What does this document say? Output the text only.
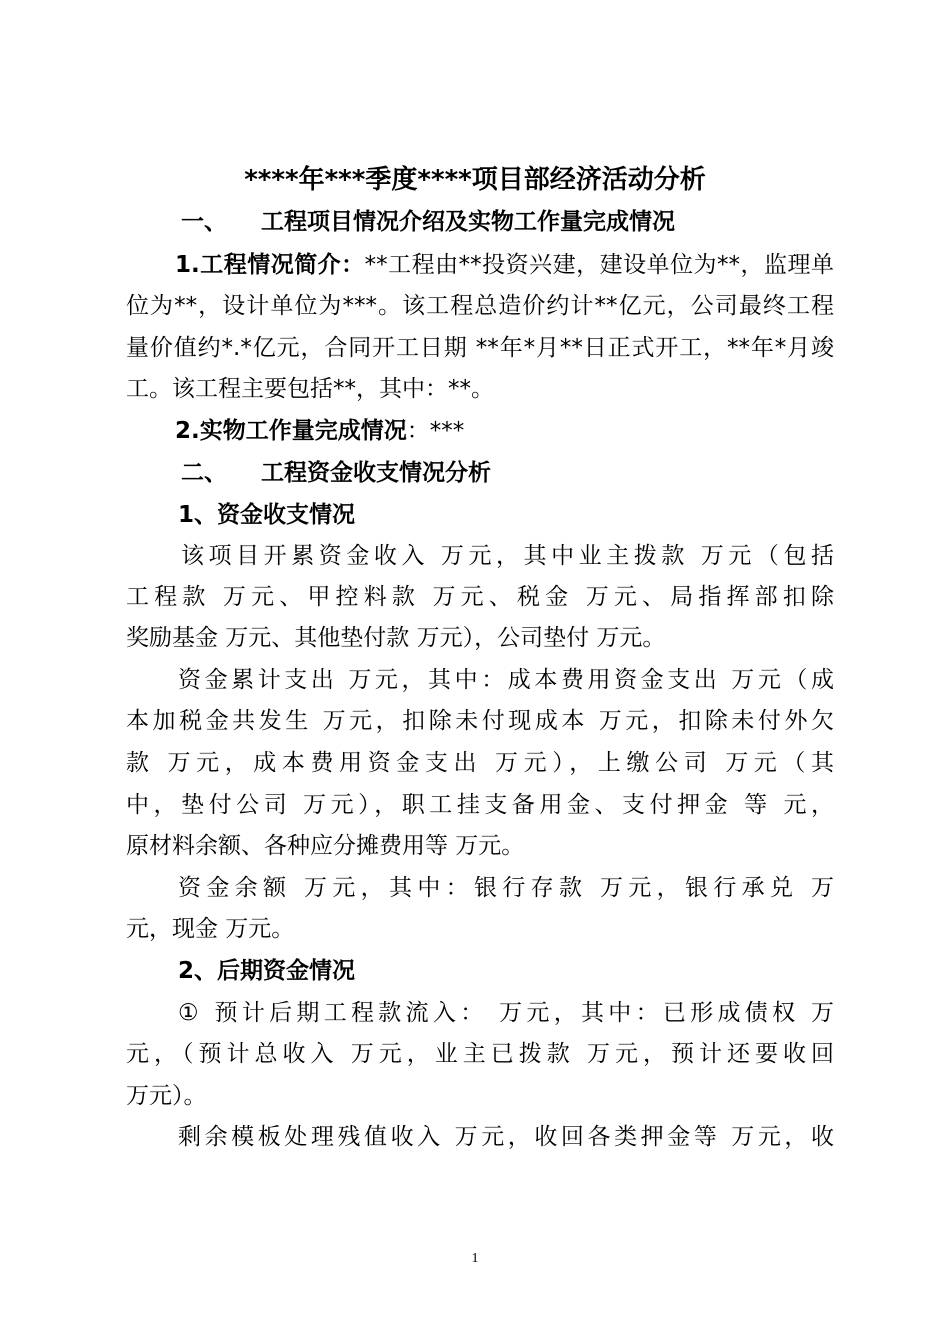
****年***季度****项目部经济活动分析
一、 工程项目情况介绍及实物工作量完成情况
1.工程情况简介：**工程由**投资兴建，建设单位为**，监理单
位为**，设计单位为***。该工程总造价约计**亿元，公司最终工程
量价值约*.*亿元，合同开工日期 **年*月**日正式开工，**年*月竣
工。该工程主要包括**，其中：**。
2.实物工作量完成情况：***
二、 工程资金收支情况分析
1、资金收支情况
该项目开累资金收入 万元，其中业主拨款 万元（包括
工程款 万元、甲控料款 万元、税金 万元、局指挥部扣除
奖励基金 万元、其他垫付款 万元），公司垫付 万元。
资金累计支出 万元，其中：成本费用资金支出 万元（成
本加税金共发生 万元，扣除未付现成本 万元，扣除未付外欠
款 万元，成本费用资金支出 万元），上缴公司 万元（其
中，垫付公司 万元），职工挂支备用金、支付押金 等 元，
原材料余额、各种应分摊费用等 万元。
资金余额 万元，其中：银行存款 万元，银行承兑 万
元，现金 万元。
2、后期资金情况
① 预计后期工程款流入： 万元，其中：已形成债权 万
元，（预计总收入 万元，业主已拨款 万元，预计还要收回
万元）。
剩余模板处理残值收入 万元，收回各类押金等 万元，收
1
